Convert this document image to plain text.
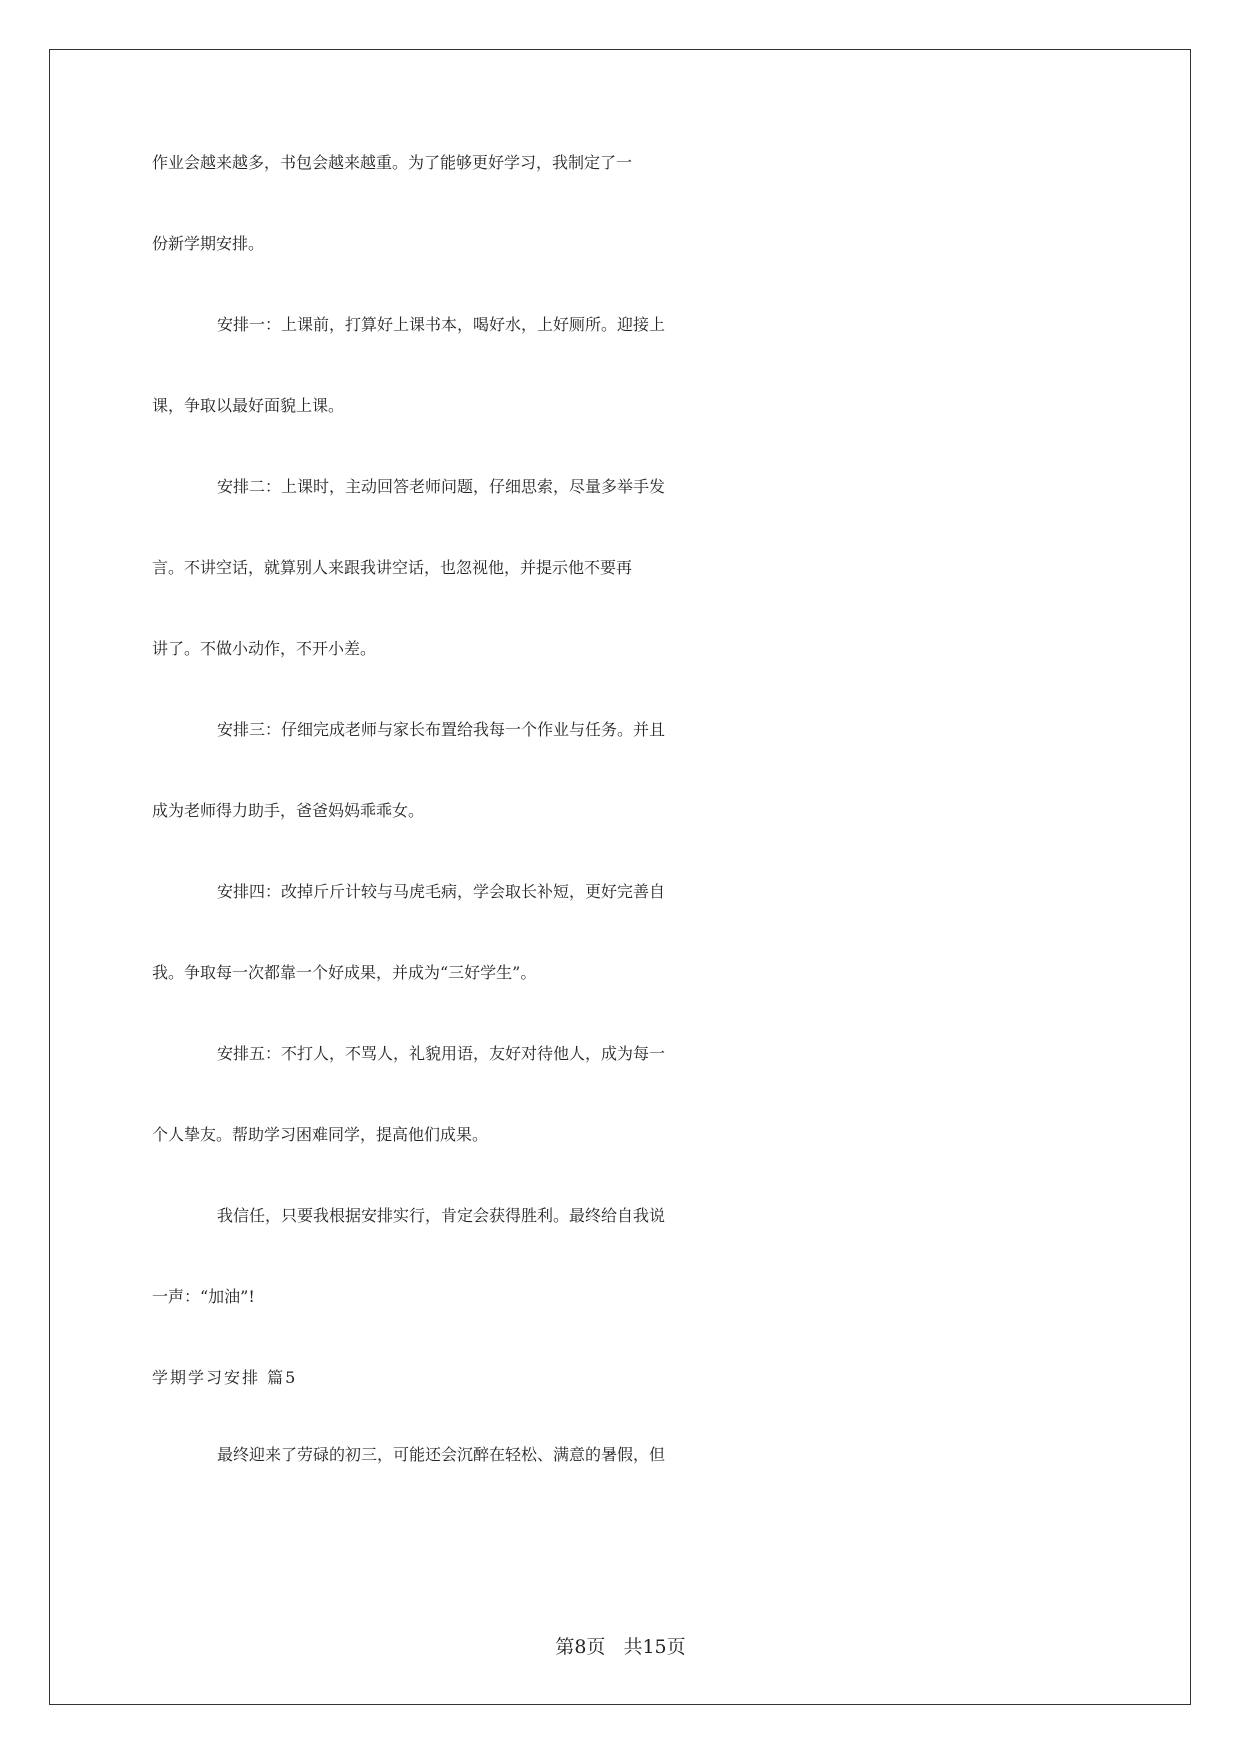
作业会越来越多，书包会越来越重。为了能够更好学习，我制定了一
份新学期安排。
安排一：上课前，打算好上课书本，喝好水，上好厕所。迎接上
课，争取以最好面貌上课。
安排二：上课时，主动回答老师问题，仔细思索，尽量多举手发
言。不讲空话，就算别人来跟我讲空话，也忽视他，并提示他不要再
讲了。不做小动作，不开小差。
安排三：仔细完成老师与家长布置给我每一个作业与任务。并且
成为老师得力助手，爸爸妈妈乖乖女。
安排四：改掉斤斤计较与马虎毛病，学会取长补短，更好完善自
我。争取每一次都靠一个好成果，并成为“三好学生”。
安排五：不打人，不骂人，礼貌用语，友好对待他人，成为每一
个人挚友。帮助学习困难同学，提高他们成果。
我信任，只要我根据安排实行，肯定会获得胜利。最终给自我说
一声：“加油”!
学期学习安排 篇5
最终迎来了劳碌的初三，可能还会沉醉在轻松、满意的暑假，但
第8页 共15页
